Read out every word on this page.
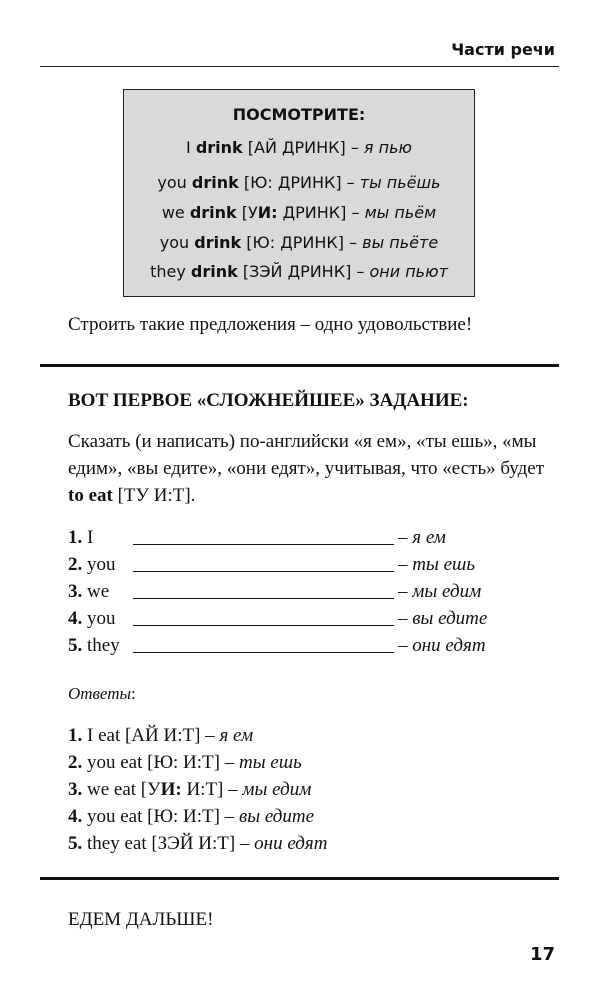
Части речи
ПОСМОТРИТЕ:
I drink [АЙ ДРИНК] – я пью
you drink [Ю: ДРИНК] – ты пьёшь
we drink [УИ: ДРИНК] – мы пьём
you drink [Ю: ДРИНК] – вы пьёте
they drink [ЗЭЙ ДРИНК] – они пьют
Строить такие предложения – одно удовольствие!
ВОТ ПЕРВОЕ «СЛОЖНЕЙШЕЕ» ЗАДАНИЕ:
Сказать (и написать) по-английски «я ем», «ты ешь», «мы едим», «вы едите», «они едят», учитывая, что «есть» будет to eat [ТУ И:Т].
1. I	– я ем
2. you	– ты ешь
3. we	– мы едим
4. you	– вы едите
5. they	– они едят
Ответы:
1. I eat [АЙ И:Т] – я ем
2. you eat [Ю: И:Т] – ты ешь
3. we eat [УИ: И:Т] – мы едим
4. you eat [Ю: И:Т] – вы едите
5. they eat [ЗЭЙ И:Т] – они едят
ЕДЕМ ДАЛЬШЕ!
17
